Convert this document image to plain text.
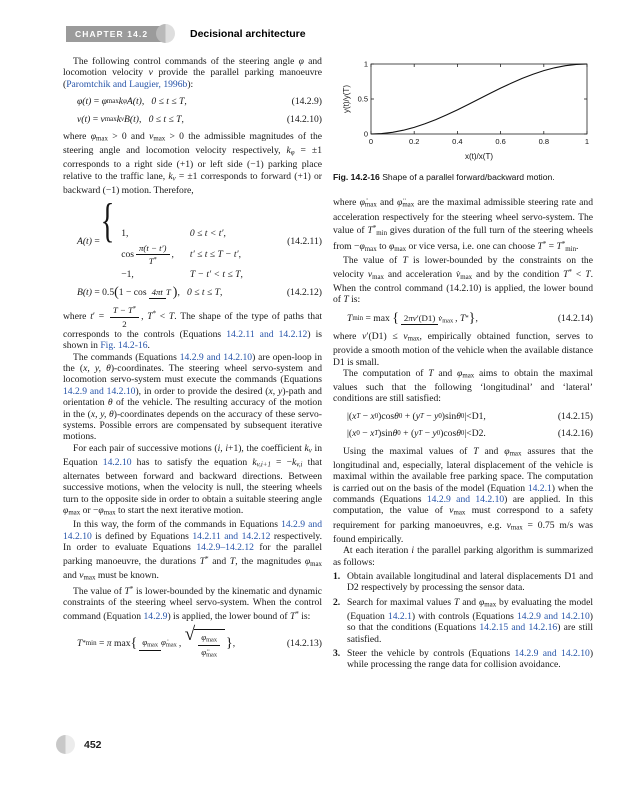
CHAPTER 14.2	Decisional architecture
The following control commands of the steering angle φ and locomotion velocity v provide the parallel parking manoeuvre (Paromtchik and Laugier, 1996b):
φ(t) = φ max k φ A(t) , 0 ≤ t ≤ T ,	(14.2.9)
v(t) = v max k v B(t) , 0 ≤ t ≤ T ,	(14.2.10)
where φmax > 0 and vmax > 0 the admissible magnitudes of the steering angle and locomotion velocity respectively, kφ = ±1 corresponds to a right side (+1) or left side (−1) parking place relative to the traffic lane, kv = ±1 corresponds to forward (+1) or backward (−1) motion. Therefore,
A(t) =
{ 1,	0 ≤ t < t′ ,
$\cos \frac{\pi(t - t')}{T^*}$ , t′ ≤ t ≤ T − t′ ,
−1,	T − t′ < t ≤ T ,
(14.2.11)
B(t) = 0.5 ( 1 − cos 4πt T ) , 0 ≤ t ≤ T ,	(14.2.12)
where $t' = \frac{T - T^*}{2}$ , T* < T. The shape of the type of paths that corresponds to the controls (Equations 14.2.11 and 14.2.12) is shown in Fig. 14.2-16.
The commands (Equations 14.2.9 and 14.2.10) are open-loop in the (x, y, θ)-coordinates. The steering wheel servo-system and locomotion servo-system must execute the commands (Equations 14.2.9 and 14.2.10), in order to provide the desired (x, y)-path and orientation θ of the vehicle. The resulting accuracy of the motion in the (x, y, θ)-coordinates depends on the accuracy of these servo-systems. Possible errors are compensated by subsequent iterative motions.
For each pair of successive motions (i, i+1), the coefficient kv in Equation 14.2.10 has to satisfy the equation kv,i+1 = −kv,i that alternates between forward and backward directions. Between successive motions, when the velocity is null, the steering wheels turn to the opposite side in order to obtain a suitable steering angle φmax or −φmax to start the next iterative motion.
In this way, the form of the commands in Equations 14.2.9 and 14.2.10 is defined by Equations 14.2.11 and 14.2.12 respectively. In order to evaluate Equations 14.2.9–14.2.12 for the parallel parking manoeuvre, the durations T* and T, the magnitudes φmax and vmax must be known.
The value of T* is lower-bounded by the kinematic and dynamic constraints of the steering wheel servo-system. When the control command (Equation 14.2.9) is applied, the lower bound of T* is:
T * min = π max { φmax φ̇max , √ $\frac{\varphi\max}{\varphï\max}$ } ,	(14.2.13)
0	0.2	0.4	0.6	0.8	1
0
0.5
1
x(t)/x(T)
y(t)/y(T)
Fig. 14.2-16 Shape of a parallel forward/backward motion.
where φ̇max and φ̈max are the maximal admissible steering rate and acceleration respectively for the steering wheel servo-system. The value of T*min gives duration of the full turn of the steering wheels from −φmax to φmax or vice versa, i.e. one can choose T* = T*min.
The value of T is lower-bounded by the constraints on the velocity vmax and acceleration v̇max and by the condition T* < T. When the control command (14.2.10) is applied, the lower bound of T is:
T min = max { 2πv′(D1) v̇max , T * } ,	(14.2.14)
where v′(D1) ≤ vmax, empirically obtained function, serves to provide a smooth motion of the vehicle when the available distance D1 is small.
The computation of T and φmax aims to obtain the maximal values such that the following ‘longitudinal’ and ‘lateral’ conditions are still satisfied:
|( x T − x 0 )cos θ 0 + ( y T − y 0 )sin θ 0 |<D1,	(14.2.15)
|( x 0 − x T )sin θ 0 + ( y T − y 0 )cos θ 0 |<D2.	(14.2.16)
Using the maximal values of T and φmax assures that the longitudinal and, especially, lateral displacement of the vehicle is maximal within the available free parking space. The computation is carried out on the basis of the model (Equation 14.2.1) when the commands (Equations 14.2.9 and 14.2.10) are applied. In this computation, the value of vmax must correspond to a safety requirement for parking manoeuvres, e.g. vmax = 0.75 m/s was found empirically.
At each iteration i the parallel parking algorithm is summarized as follows:
1. Obtain available longitudinal and lateral displacements D1 and D2 respectively by processing the sensor data.
2. Search for maximal values T and φmax by evaluating the model (Equation 14.2.1) with controls (Equations 14.2.9 and 14.2.10) so that the conditions (Equations 14.2.15 and 14.2.16) are still satisfied.
3. Steer the vehicle by controls (Equations 14.2.9 and 14.2.10) while processing the range data for collision avoidance.
452
